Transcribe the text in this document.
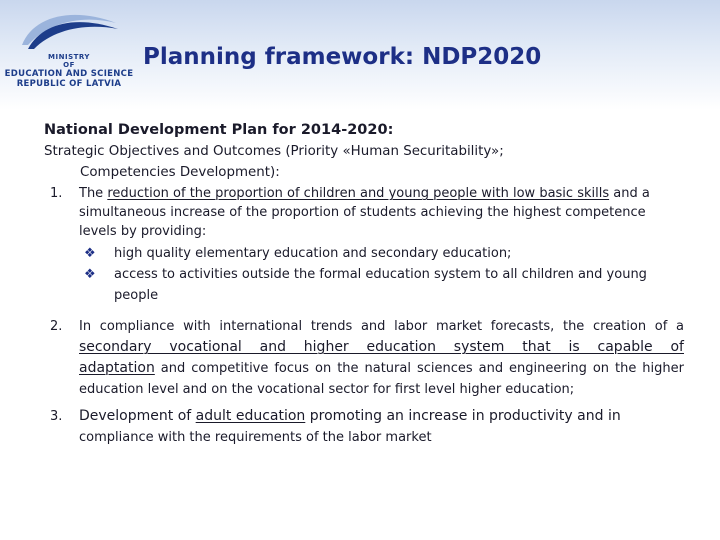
MINISTRY
OF
EDUCATION AND SCIENCE
REPUBLIC OF LATVIA
Planning framework: NDP2020
National Development Plan for 2014-2020:
Strategic Objectives and Outcomes (Priority «Human Securitability»;
Competencies Development):
1. The reduction of the proportion of children and young people with low basic skills and a simultaneous increase of the proportion of students achieving the highest competence levels by providing:
❖ high quality elementary education and secondary education;
❖ access to activities outside the formal education system to all children and young people
2. In compliance with international trends and labor market forecasts, the creation of a secondary vocational and higher education system that is capable of adaptation and competitive focus on the natural sciences and engineering on the higher education level and on the vocational sector for first level higher education;
3. Development of adult education promoting an increase in productivity and in
compliance with the requirements of the labor market
